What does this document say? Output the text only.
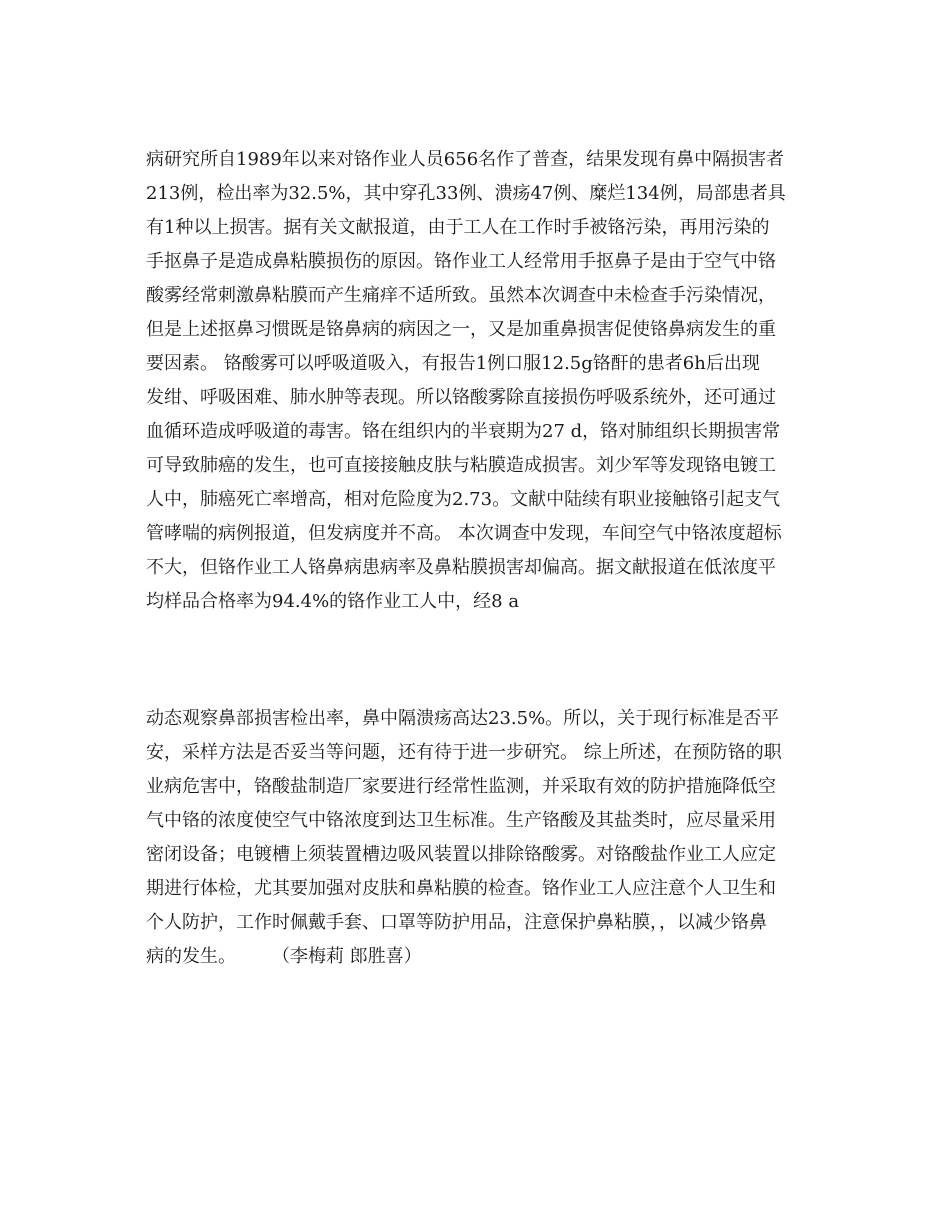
病研究所自1989年以来对铬作业人员656名作了普查，结果发现有鼻中隔损害者
213例，检出率为32.5%，其中穿孔33例、溃疡47例、糜烂134例，局部患者具
有1种以上损害。据有关文献报道，由于工人在工作时手被铬污染，再用污染的
手抠鼻子是造成鼻粘膜损伤的原因。铬作业工人经常用手抠鼻子是由于空气中铬
酸雾经常刺激鼻粘膜而产生痛痒不适所致。虽然本次调查中未检查手污染情况，
但是上述抠鼻习惯既是铬鼻病的病因之一，又是加重鼻损害促使铬鼻病发生的重
要因素。 铬酸雾可以呼吸道吸入，有报告1例口服12.5g铬酐的患者6h后出现
发绀、呼吸困难、肺水肿等表现。所以铬酸雾除直接损伤呼吸系统外，还可通过
血循环造成呼吸道的毒害。铬在组织内的半衰期为27 d，铬对肺组织长期损害常
可导致肺癌的发生，也可直接接触皮肤与粘膜造成损害。刘少军等发现铬电镀工
人中，肺癌死亡率增高，相对危险度为2.73。文献中陆续有职业接触铬引起支气
管哮喘的病例报道，但发病度并不高。 本次调查中发现，车间空气中铬浓度超标
不大，但铬作业工人铬鼻病患病率及鼻粘膜损害却偏高。据文献报道在低浓度平
均样品合格率为94.4%的铬作业工人中，经8 a
动态观察鼻部损害检出率，鼻中隔溃疡高达23.5%。所以，关于现行标准是否平
安，采样方法是否妥当等问题，还有待于进一步研究。 综上所述，在预防铬的职
业病危害中，铬酸盐制造厂家要进行经常性监测，并采取有效的防护措施降低空
气中铬的浓度使空气中铬浓度到达卫生标准。生产铬酸及其盐类时，应尽量采用
密闭设备；电镀槽上须装置槽边吸风装置以排除铬酸雾。对铬酸盐作业工人应定
期进行体检，尤其要加强对皮肤和鼻粘膜的检查。铬作业工人应注意个人卫生和
个人防护，工作时佩戴手套、口罩等防护用品，注意保护鼻粘膜，，以减少铬鼻
病的发生。　　　（李梅莉 郎胜喜）
